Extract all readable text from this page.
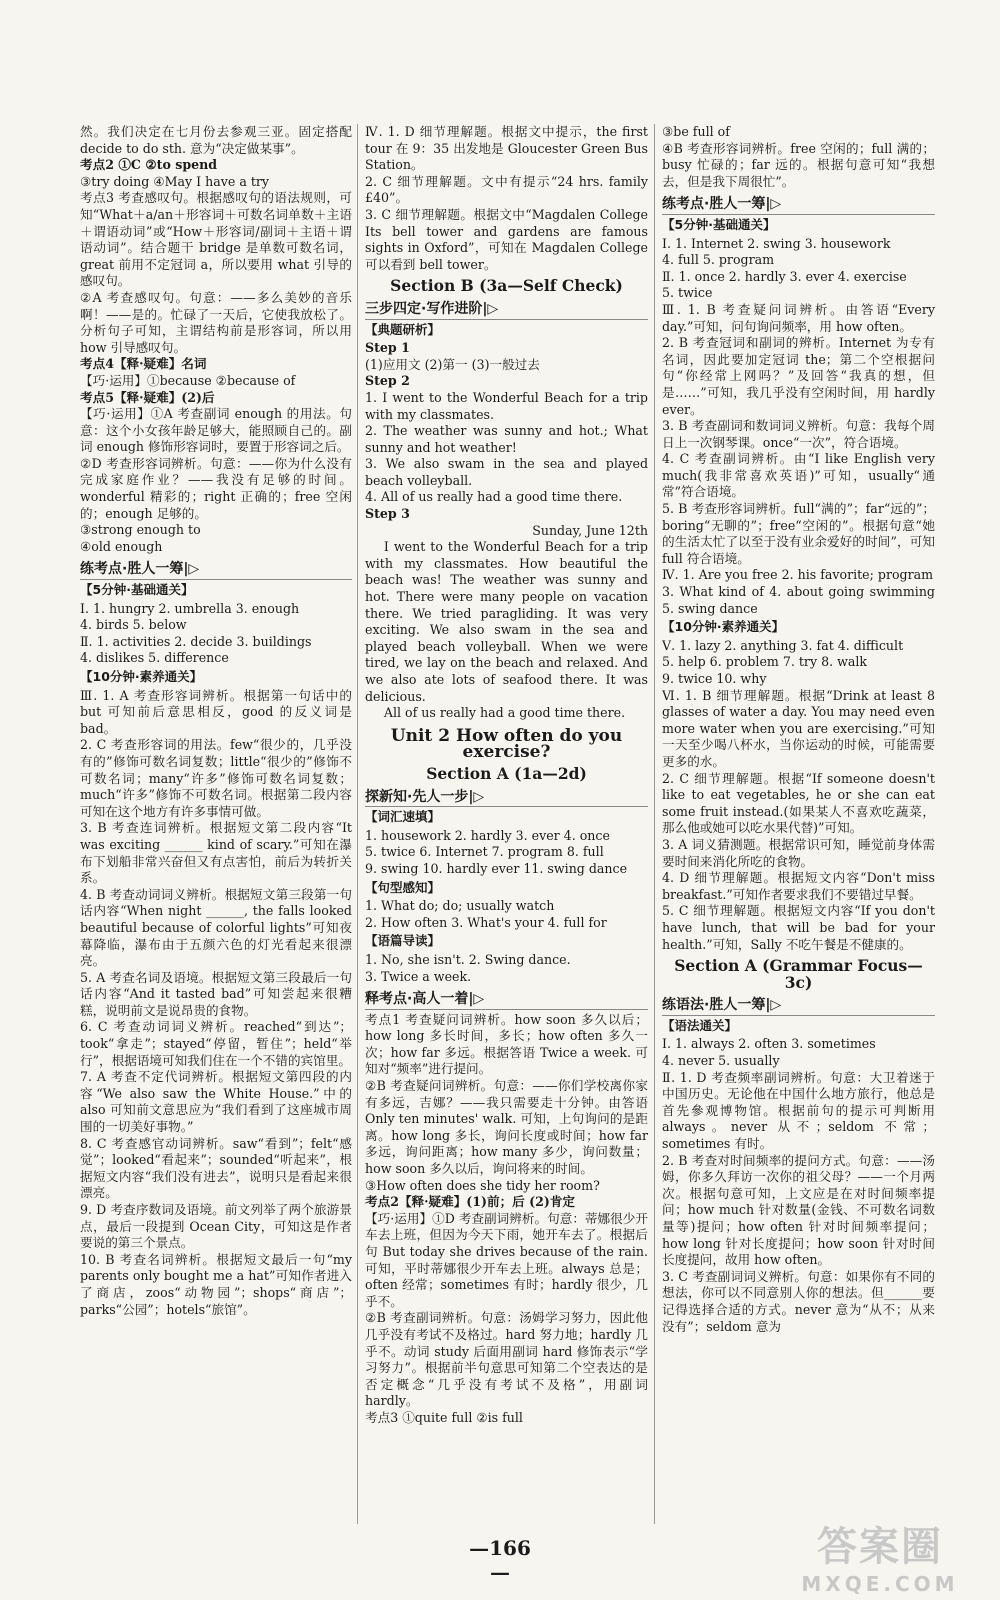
然。我们决定在七月份去参观三亚。固定搭配 decide to do sth. 意为“决定做某事”。
考点2 ①C ②to spend
③try doing ④May I have a try
考点3 考查感叹句。根据感叹句的语法规则，可知“What＋a/an＋形容词＋可数名词单数＋主语＋谓语动词”或“How＋形容词/副词＋主语＋谓语动词”。结合题干 bridge 是单数可数名词，great 前用不定冠词 a，所以要用 what 引导的感叹句。
②A 考查感叹句。句意：——多么美妙的音乐啊！——是的。忙碌了一天后，它使我放松了。分析句子可知，主谓结构前是形容词，所以用 how 引导感叹句。
考点4【释·疑难】名词
【巧·运用】①because ②because of
考点5【释·疑难】(2)后
【巧·运用】①A 考查副词 enough 的用法。句意：这个小女孩年龄足够大，能照顾自己的。副词 enough 修饰形容词时，要置于形容词之后。
②D 考查形容词辨析。句意：——你为什么没有完成家庭作业？——我没有足够的时间。wonderful 精彩的；right 正确的；free 空闲的；enough 足够的。
③strong enough to
④old enough
练考点·胜人一筹|▷
【5分钟·基础通关】
Ⅰ. 1. hungry 2. umbrella 3. enough
4. birds 5. below
Ⅱ. 1. activities 2. decide 3. buildings
4. dislikes 5. difference
【10分钟·素养通关】
Ⅲ. 1. A 考查形容词辨析。根据第一句话中的 but 可知前后意思相反，good 的反义词是 bad。
2. C 考查形容词的用法。few“很少的，几乎没有的”修饰可数名词复数；little“很少的”修饰不可数名词；many“许多”修饰可数名词复数；much“许多”修饰不可数名词。根据第二段内容可知在这个地方有许多事情可做。
3. B 考查连词辨析。根据短文第二段内容“It was exciting ______ kind of scary.”可知在瀑布下划船非常兴奋但又有点害怕，前后为转折关系。
4. B 考查动词词义辨析。根据短文第三段第一句话内容“When night ______, the falls looked beautiful because of colorful lights”可知夜幕降临，瀑布由于五颜六色的灯光看起来很漂亮。
5. A 考查名词及语境。根据短文第三段最后一句话内容“And it tasted bad”可知尝起来很糟糕，说明前文是说昂贵的食物。
6. C 考查动词词义辨析。reached“到达”；took“拿走”；stayed“停留，暂住”；held“举行”，根据语境可知我们住在一个不错的宾馆里。
7. A 考查不定代词辨析。根据短文第四段的内容“We also saw the White House.”中的 also 可知前文意思应为“我们看到了这座城市周围的一切美好事物。”
8. C 考查感官动词辨析。saw“看到”；felt“感觉”；looked“看起来”；sounded“听起来”，根据短文内容“我们没有进去”，说明只是看起来很漂亮。
9. D 考查序数词及语境。前文列举了两个旅游景点，最后一段提到 Ocean City，可知这是作者要说的第三个景点。
10. B 考查名词辨析。根据短文最后一句“my parents only bought me a hat”可知作者进入了商店，zoos“动物园”；shops“商店”；parks“公园”；hotels“旅馆”。
Ⅳ. 1. D 细节理解题。根据文中提示，the first tour 在 9：35 出发地是 Gloucester Green Bus Station。
2. C 细节理解题。文中有提示“24 hrs. family £40”。
3. C 细节理解题。根据文中“Magdalen College Its bell tower and gardens are famous sights in Oxford”，可知在 Magdalen College 可以看到 bell tower。
Section B (3a—Self Check)
三步四定·写作进阶|▷
【典题研析】
Step 1
(1)应用文 (2)第一 (3)一般过去
Step 2
1. I went to the Wonderful Beach for a trip with my classmates.
2. The weather was sunny and hot.; What sunny and hot weather!
3. We also swam in the sea and played beach volleyball.
4. All of us really had a good time there.
Step 3
Sunday, June 12th
I went to the Wonderful Beach for a trip with my classmates. How beautiful the beach was! The weather was sunny and hot. There were many people on vacation there. We tried paragliding. It was very exciting. We also swam in the sea and played beach volleyball. When we were tired, we lay on the beach and relaxed. And we also ate lots of seafood there. It was delicious.
All of us really had a good time there.
Unit 2 How often do you exercise?
Section A (1a—2d)
探新知·先人一步|▷
【词汇速填】
1. housework 2. hardly 3. ever 4. once
5. twice 6. Internet 7. program 8. full
9. swing 10. hardly ever 11. swing dance
【句型感知】
1. What do; do; usually watch
2. How often 3. What's your 4. full for
【语篇导读】
1. No, she isn't. 2. Swing dance.
3. Twice a week.
释考点·高人一着|▷
考点1 考查疑问词辨析。how soon 多久以后；how long 多长时间，多长；how often 多久一次；how far 多远。根据答语 Twice a week. 可知对“频率”进行提问。
②B 考查疑问词辨析。句意：——你们学校离你家有多远，吉娜？——我只需要走十分钟。由答语 Only ten minutes' walk. 可知，上句询问的是距离。how long 多长，询问长度或时间；how far 多远，询问距离；how many 多少，询问数量；how soon 多久以后，询问将来的时间。
③How often does she tidy her room?
考点2【释·疑难】(1)前；后 (2)肯定
【巧·运用】①D 考查副词辨析。句意：蒂娜很少开车去上班，但因为今天下雨，她开车去了。根据后句 But today she drives because of the rain. 可知，平时蒂娜很少开车去上班。always 总是；often 经常；sometimes 有时；hardly 很少，几乎不。
②B 考查副词辨析。句意：汤姆学习努力，因此他几乎没有考试不及格过。hard 努力地；hardly 几乎不。动词 study 后面用副词 hard 修饰表示“学习努力”。根据前半句意思可知第二个空表达的是否定概念“几乎没有考试不及格”，用副词 hardly。
考点3 ①quite full ②is full
③be full of
④B 考查形容词辨析。free 空闲的；full 满的；busy 忙碌的；far 远的。根据句意可知“我想去，但是我下周很忙”。
练考点·胜人一筹|▷
【5分钟·基础通关】
Ⅰ. 1. Internet 2. swing 3. housework
4. full 5. program
Ⅱ. 1. once 2. hardly 3. ever 4. exercise
5. twice
Ⅲ. 1. B 考查疑问词辨析。由答语“Every day.”可知，问句询问频率，用 how often。
2. B 考查冠词和副词的辨析。Internet 为专有名词，因此要加定冠词 the；第二个空根据问句“你经常上网吗？”及回答“我真的想，但是……”可知，我几乎没有空闲时间，用 hardly ever。
3. B 考查副词和数词词义辨析。句意：我每个周日上一次钢琴课。once“一次”，符合语境。
4. C 考查副词辨析。由“I like English very much(我非常喜欢英语)”可知，usually“通常”符合语境。
5. B 考查形容词辨析。full“满的”；far“远的”；boring“无聊的”；free“空闲的”。根据句意“她的生活太忙了以至于没有业余爱好的时间”，可知 full 符合语境。
Ⅳ. 1. Are you free 2. his favorite; program
3. What kind of 4. about going swimming 5. swing dance
【10分钟·素养通关】
Ⅴ. 1. lazy 2. anything 3. fat 4. difficult
5. help 6. problem 7. try 8. walk
9. twice 10. why
Ⅵ. 1. B 细节理解题。根据“Drink at least 8 glasses of water a day. You may need even more water when you are exercising.”可知一天至少喝八杯水，当你运动的时候，可能需要更多的水。
2. C 细节理解题。根据“If someone doesn't like to eat vegetables, he or she can eat some fruit instead.(如果某人不喜欢吃蔬菜，那么他或她可以吃水果代替)”可知。
3. A 词义猜测题。根据常识可知，睡觉前身体需要时间来消化所吃的食物。
4. D 细节理解题。根据短文内容“Don't miss breakfast.”可知作者要求我们不要错过早餐。
5. C 细节理解题。根据短文内容“If you don't have lunch, that will be bad for your health.”可知，Sally 不吃午餐是不健康的。
Section A (Grammar Focus—3c)
练语法·胜人一筹|▷
【语法通关】
Ⅰ. 1. always 2. often 3. sometimes
4. never 5. usually
Ⅱ. 1. D 考查频率副词辨析。句意：大卫着迷于中国历史。无论他在中国什么地方旅行，他总是首先參观博物馆。根据前句的提示可判断用 always。never 从不；seldom 不常；sometimes 有时。
2. B 考查对时间频率的提问方式。句意：——汤姆，你多久拜访一次你的祖父母？——一个月两次。根据句意可知，上文应是在对时间频率提问；how much 针对数量(金钱、不可数名词数量等)提问；how often 针对时间频率提问；how long 针对长度提问；how soon 针对时间长度提问，故用 how often。
3. C 考查副词词义辨析。句意：如果你有不同的想法，你可以不同意别人你的想法。但______要记得选择合适的方式。never 意为“从不；从来没有”；seldom 意为
—166—
答案圈
MXQE.COM
